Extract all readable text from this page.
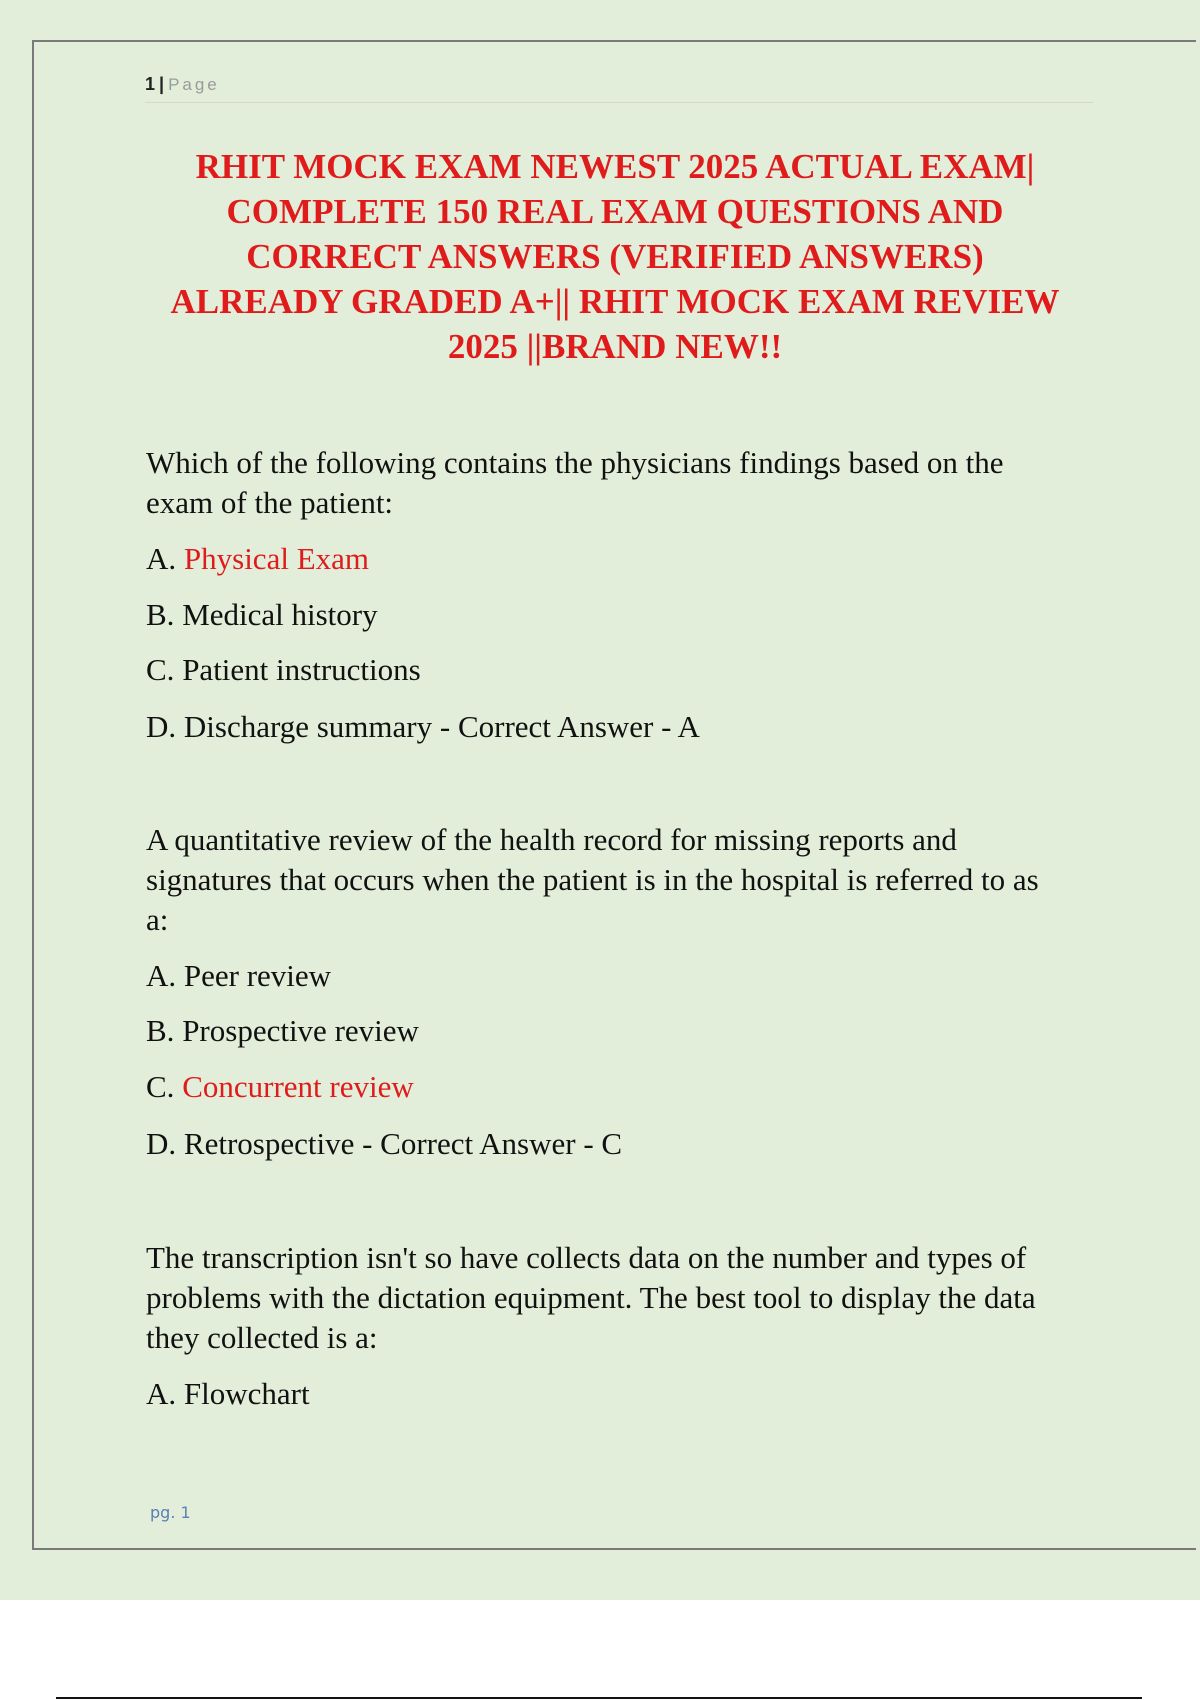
1 | Page
RHIT MOCK EXAM NEWEST 2025 ACTUAL EXAM|
COMPLETE 150 REAL EXAM QUESTIONS AND
CORRECT ANSWERS (VERIFIED ANSWERS)
ALREADY GRADED A+|| RHIT MOCK EXAM REVIEW
2025 ||BRAND NEW!!
Which of the following contains the physicians findings based on the
exam of the patient:
A. Physical Exam
B. Medical history
C. Patient instructions
D. Discharge summary - Correct Answer - A
A quantitative review of the health record for missing reports and
signatures that occurs when the patient is in the hospital is referred to as
a:
A. Peer review
B. Prospective review
C. Concurrent review
D. Retrospective - Correct Answer - C
The transcription isn't so have collects data on the number and types of
problems with the dictation equipment. The best tool to display the data
they collected is a:
A. Flowchart
pg. 1
